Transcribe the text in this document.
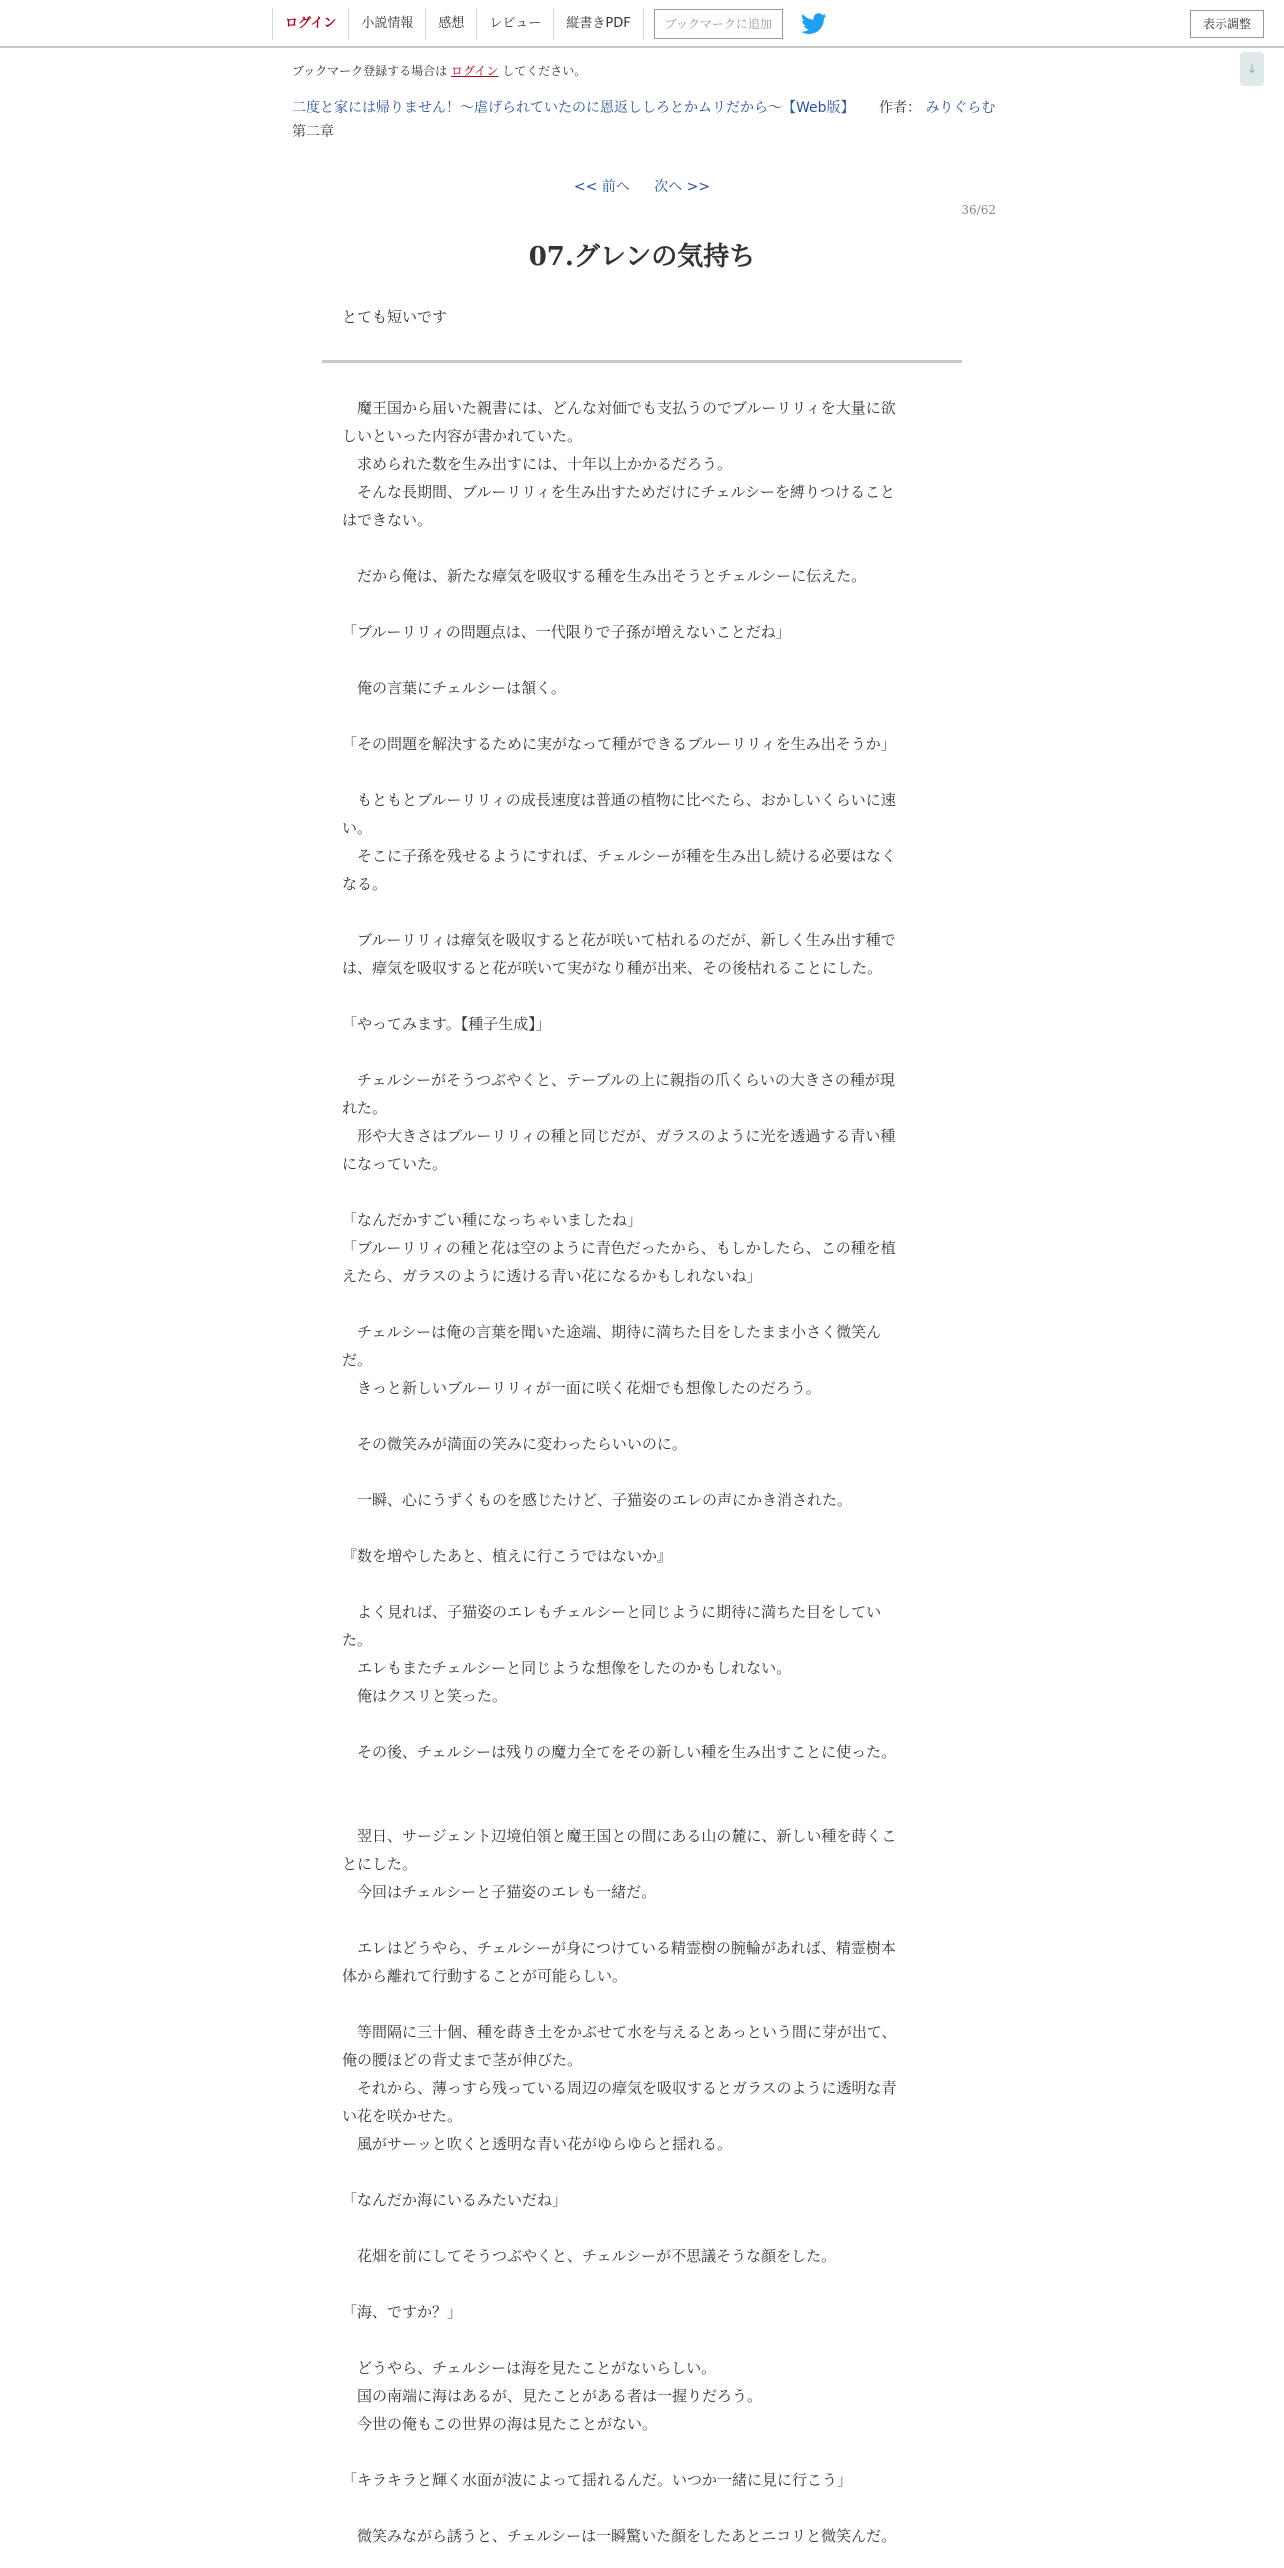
ログイン	小説情報	感想	レビュー	縦書きPDF	ブックマークに追加	表示調整
↓
ブックマーク登録する場合は ログイン してください。
二度と家には帰りません！～虐げられていたのに恩返ししろとかムリだから～【Web版】 作者： みりぐらむ
第二章
<< 前へ 次へ >>
36/62
07.グレンの気持ち
とても短いです

　魔王国から届いた親書には、どんな対価でも支払うのでブルーリリィを大量に欲

しいといった内容が書かれていた。

　求められた数を生み出すには、十年以上かかるだろう。

　そんな長期間、ブルーリリィを生み出すためだけにチェルシーを縛りつけること

はできない。

　だから俺は、新たな瘴気を吸収する種を生み出そうとチェルシーに伝えた。

「ブルーリリィの問題点は、一代限りで子孫が増えないことだね」

　俺の言葉にチェルシーは頷く。

「その問題を解決するために実がなって種ができるブルーリリィを生み出そうか」

　もともとブルーリリィの成長速度は普通の植物に比べたら、おかしいくらいに速

い。

　そこに子孫を残せるようにすれば、チェルシーが種を生み出し続ける必要はなく

なる。

　ブルーリリィは瘴気を吸収すると花が咲いて枯れるのだが、新しく生み出す種で

は、瘴気を吸収すると花が咲いて実がなり種が出来、その後枯れることにした。

「やってみます。【種子生成】」

　チェルシーがそうつぶやくと、テーブルの上に親指の爪くらいの大きさの種が現

れた。

　形や大きさはブルーリリィの種と同じだが、ガラスのように光を透過する青い種

になっていた。

「なんだかすごい種になっちゃいましたね」

「ブルーリリィの種と花は空のように青色だったから、もしかしたら、この種を植

えたら、ガラスのように透ける青い花になるかもしれないね」

　チェルシーは俺の言葉を聞いた途端、期待に満ちた目をしたまま小さく微笑ん

だ。

　きっと新しいブルーリリィが一面に咲く花畑でも想像したのだろう。

　その微笑みが満面の笑みに変わったらいいのに。

　一瞬、心にうずくものを感じたけど、子猫姿のエレの声にかき消された。

『数を増やしたあと、植えに行こうではないか』

　よく見れば、子猫姿のエレもチェルシーと同じように期待に満ちた目をしてい

た。

　エレもまたチェルシーと同じような想像をしたのかもしれない。

　俺はクスリと笑った。

　その後、チェルシーは残りの魔力全てをその新しい種を生み出すことに使った。

　翌日、サージェント辺境伯領と魔王国との間にある山の麓に、新しい種を蒔くこ

とにした。

　今回はチェルシーと子猫姿のエレも一緒だ。

　エレはどうやら、チェルシーが身につけている精霊樹の腕輪があれば、精霊樹本

体から離れて行動することが可能らしい。

　等間隔に三十個、種を蒔き土をかぶせて水を与えるとあっという間に芽が出て、

俺の腰ほどの背丈まで茎が伸びた。

　それから、薄っすら残っている周辺の瘴気を吸収するとガラスのように透明な青

い花を咲かせた。

　風がサーッと吹くと透明な青い花がゆらゆらと揺れる。

「なんだか海にいるみたいだね」

　花畑を前にしてそうつぶやくと、チェルシーが不思議そうな顔をした。

「海、ですか？」

　どうやら、チェルシーは海を見たことがないらしい。

　国の南端に海はあるが、見たことがある者は一握りだろう。

　今世の俺もこの世界の海は見たことがない。

「キラキラと輝く水面が波によって揺れるんだ。いつか一緒に見に行こう」

　微笑みながら誘うと、チェルシーは一瞬驚いた顔をしたあとニコリと微笑んだ。
